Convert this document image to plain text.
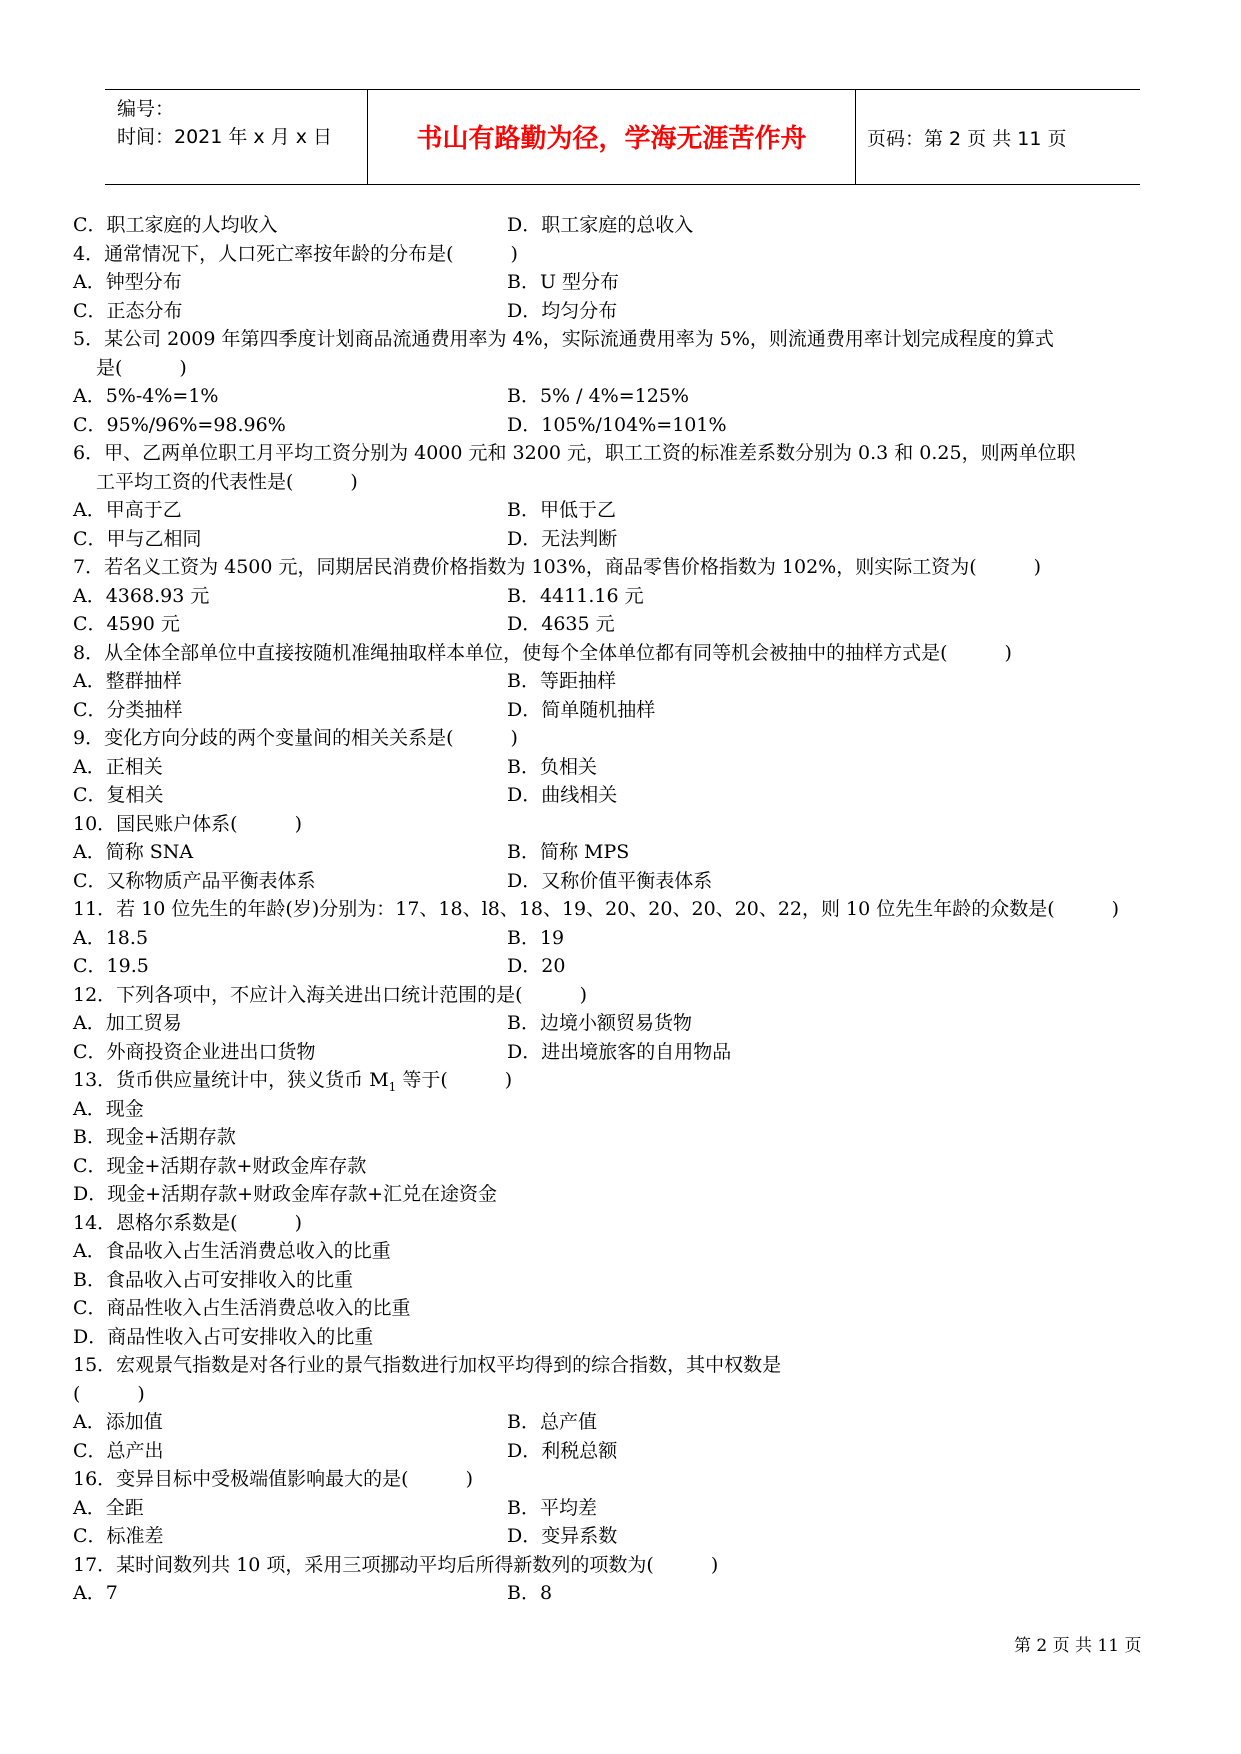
编号：
时间：2021 年 x 月 x 日	书山有路勤为径，学海无涯苦作舟	页码：第 2 页 共 11 页
C．职工家庭的人均收入	D．职工家庭的总收入
4．通常情况下，人口死亡率按年龄的分布是(　　　)
A．钟型分布	B．U 型分布
C．正态分布	D．均匀分布
5．某公司 2009 年第四季度计划商品流通费用率为 4%，实际流通费用率为 5%，则流通费用率计划完成程度的算式
是(　　　)
A．5%-4%=1%	B．5% / 4%=125%
C．95%/96%=98.96%	D．105%/104%=101%
6．甲、乙两单位职工月平均工资分别为 4000 元和 3200 元，职工工资的标准差系数分别为 0.3 和 0.25，则两单位职
工平均工资的代表性是(　　　)
A．甲高于乙	B．甲低于乙
C．甲与乙相同	D．无法判断
7．若名义工资为 4500 元，同期居民消费价格指数为 103%，商品零售价格指数为 102%，则实际工资为(　　　)
A．4368.93 元	B．4411.16 元
C．4590 元	D．4635 元
8．从全体全部单位中直接按随机准绳抽取样本单位，使每个全体单位都有同等机会被抽中的抽样方式是(　　　)
A．整群抽样	B．等距抽样
C．分类抽样	D．简单随机抽样
9．变化方向分歧的两个变量间的相关关系是(　　　)
A．正相关	B．负相关
C．复相关	D．曲线相关
10．国民账户体系(　　　)
A．简称 SNA	B．简称 MPS
C．又称物质产品平衡表体系	D．又称价值平衡表体系
11．若 10 位先生的年龄(岁)分别为：17、18、l8、18、19、20、20、20、20、22，则 10 位先生年龄的众数是(　　　)
A．18.5	B．19
C．19.5	D．20
12．下列各项中，不应计入海关进出口统计范围的是(　　　)
A．加工贸易	B．边境小额贸易货物
C．外商投资企业进出口货物	D．进出境旅客的自用物品
13．货币供应量统计中，狭义货币 $M_1$ 等于(　　　)
A．现金
B．现金+活期存款
C．现金+活期存款+财政金库存款
D．现金+活期存款+财政金库存款+汇兑在途资金
14．恩格尔系数是(　　　)
A．食品收入占生活消费总收入的比重
B．食品收入占可安排收入的比重
C．商品性收入占生活消费总收入的比重
D．商品性收入占可安排收入的比重
15．宏观景气指数是对各行业的景气指数进行加权平均得到的综合指数，其中权数是
(　　　)
A．添加值	B．总产值
C．总产出	D．利税总额
16．变异目标中受极端值影响最大的是(　　　)
A．全距	B．平均差
C．标准差	D．变异系数
17．某时间数列共 10 项，采用三项挪动平均后所得新数列的项数为(　　　)
A．7	B．8
第 2 页 共 11 页
